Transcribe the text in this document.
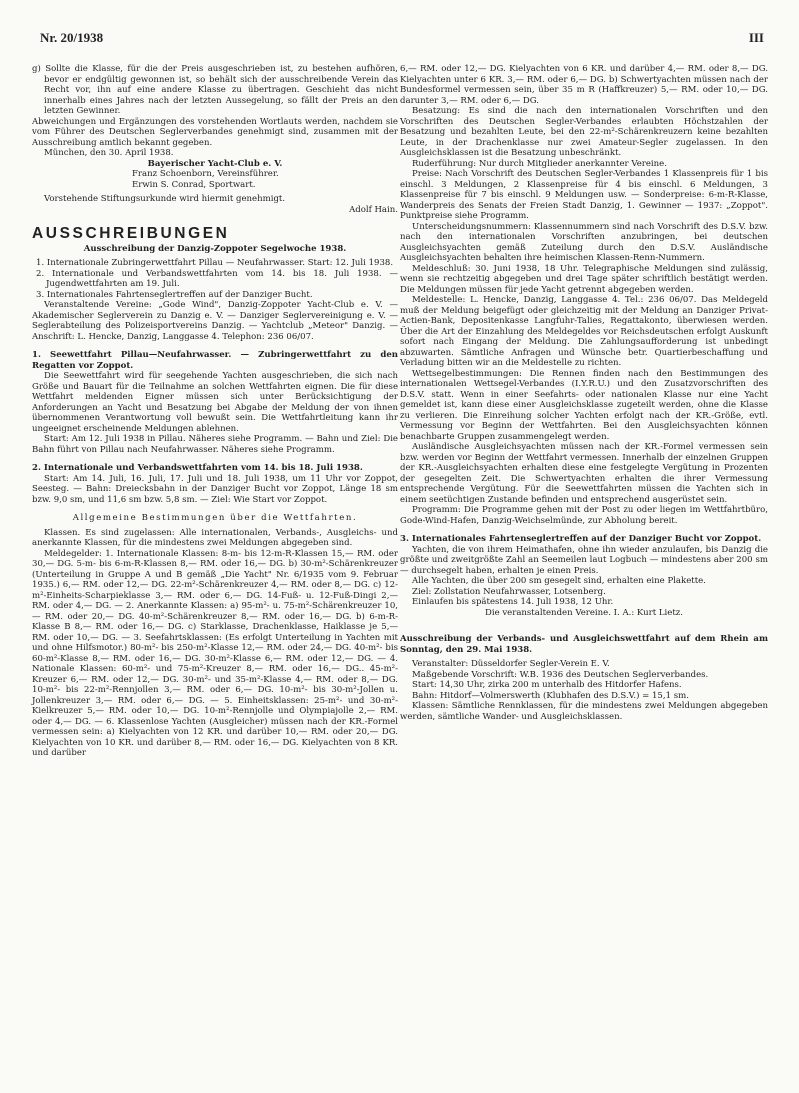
Nr. 20/1938	III

g) Sollte die Klasse, für die der Preis ausgeschrieben ist, zu bestehen aufhören, bevor er endgültig gewonnen ist, so behält sich der ausschreibende Verein das Recht vor, ihn auf eine andere Klasse zu übertragen. Geschieht das nicht innerhalb eines Jahres nach der letzten Aussegelung, so fällt der Preis an den letzten Gewinner.

Abweichungen und Ergänzungen des vorstehenden Wortlauts werden, nachdem sie vom Führer des Deutschen Seglerverbandes genehmigt sind, zusammen mit der Ausschreibung amtlich bekannt gegeben.

München, den 30. April 1938.

Bayerischer Yacht-Club e. V.

Franz Schoenborn, Vereinsführer.

Erwin S. Conrad, Sportwart.

Vorstehende Stiftungsurkunde wird hiermit genehmigt.

Adolf Hain.

AUSSCHREIBUNGEN

Ausschreibung der Danzig-Zoppoter Segelwoche 1938.

1. Internationale Zubringerwettfahrt Pillau — Neufahrwasser. Start: 12. Juli 1938.

2. Internationale und Verbandswettfahrten vom 14. bis 18. Juli 1938. — Jugendwettfahrten am 19. Juli.

3. Internationales Fahrtenseglertreffen auf der Danziger Bucht.

Veranstaltende Vereine: „Gode Wind", Danzig-Zoppoter Yacht-Club e. V. — Akademischer Seglerverein zu Danzig e. V. — Danziger Seglervereinigung e. V. — Seglerabteilung des Polizeisportvereins Danzig. — Yachtclub „Meteor" Danzig. — Anschrift: L. Hencke, Danzig, Langgasse 4. Telephon: 236 06/07.

1. Seewettfahrt Pillau—Neufahrwasser. — Zubringerwettfahrt zu den Regatten vor Zoppot.

Die Seewettfahrt wird für seegehende Yachten ausgeschrieben, die sich nach Größe und Bauart für die Teilnahme an solchen Wettfahrten eignen. Die für diese Wettfahrt meldenden Eigner müssen sich unter Berücksichtigung der Anforderungen an Yacht und Besatzung bei Abgabe der Meldung der von ihnen übernommenen Verantwortung voll bewußt sein. Die Wettfahrtleitung kann ihr ungeeignet erscheinende Meldungen ablehnen.

Start: Am 12. Juli 1938 in Pillau. Näheres siehe Programm. — Bahn und Ziel: Die Bahn führt von Pillau nach Neufahrwasser. Näheres siehe Programm.

2. Internationale und Verbandswettfahrten vom 14. bis 18. Juli 1938.

Start: Am 14. Juli, 16. Juli, 17. Juli und 18. Juli 1938, um 11 Uhr vor Zoppot, Seesteg. — Bahn: Dreiecksbahn in der Danziger Bucht vor Zoppot, Länge 18 sm bzw. 9,0 sm, und 11,6 sm bzw. 5,8 sm. — Ziel: Wie Start vor Zoppot.

Allgemeine Bestimmungen über die Wettfahrten.

Klassen. Es sind zugelassen: Alle internationalen, Verbands-, Ausgleichs- und anerkannte Klassen, für die mindestens zwei Meldungen abgegeben sind.

Meldegelder: 1. Internationale Klassen: 8-m- bis 12-m-R-Klassen 15,— RM. oder 30,— DG. 5-m- bis 6-m-R-Klassen 8,— RM. oder 16,— DG. b) 30-m²-Schärenkreuzer (Unterteilung in Gruppe A und B gemäß „Die Yacht" Nr. 6/1935 vom 9. Februar 1935.) 6,— RM. oder 12,— DG. 22-m²-Schärenkreuzer 4,— RM. oder 8,— DG. c) 12-m²-Einheits-Scharpieklasse 3,— RM. oder 6,— DG. 14-Fuß- u. 12-Fuß-Dingi 2,— RM. oder 4,— DG. — 2. Anerkannte Klassen: a) 95-m²- u. 75-m²-Schärenkreuzer 10,— RM. oder 20,— DG. 40-m²-Schärenkreuzer 8,— RM. oder 16,— DG. b) 6-m-R-Klasse B 8,— RM. oder 16,— DG. c) Starklasse, Drachenklasse, Haiklasse je 5,— RM. oder 10,— DG. — 3. Seefahrtsklassen: (Es erfolgt Unterteilung in Yachten mit und ohne Hilfsmotor.) 80-m²- bis 250-m²-Klasse 12,— RM. oder 24,— DG. 40-m²- bis 60-m²-Klasse 8,— RM. oder 16,— DG. 30-m²-Klasse 6,— RM. oder 12,— DG. — 4. Nationale Klassen: 60-m²- und 75-m²-Kreuzer 8,— RM. oder 16,— DG.. 45-m²-Kreuzer 6,— RM. oder 12,— DG. 30-m²- und 35-m²-Klasse 4,— RM. oder 8,— DG. 10-m²- bis 22-m²-Rennjollen 3,— RM. oder 6,— DG. 10-m²- bis 30-m²-Jollen u. Jollenkreuzer 3,— RM. oder 6,— DG. — 5. Einheitsklassen: 25-m²- und 30-m²-Kielkreuzer 5,— RM. oder 10,— DG. 10-m²-Rennjolle und Olympiajolle 2,— RM. oder 4,— DG. — 6. Klassenlose Yachten (Ausgleicher) müssen nach der KR.-Formel vermessen sein: a) Kielyachten von 12 KR. und darüber 10,— RM. oder 20,— DG. Kielyachten von 10 KR. und darüber 8,— RM. oder 16,— DG. Kielyachten von 8 KR. und darüber

6,— RM. oder 12,— DG. Kielyachten von 6 KR. und darüber 4,— RM. oder 8,— DG. Kielyachten unter 6 KR. 3,— RM. oder 6,— DG. b) Schwertyachten müssen nach der Bundesformel vermessen sein, über 35 m R (Haffkreuzer) 5,— RM. oder 10,— DG. darunter 3,— RM. oder 6,— DG.

Besatzung: Es sind die nach den internationalen Vorschriften und den Vorschriften des Deutschen Segler-Verbandes erlaubten Höchstzahlen der Besatzung und bezahlten Leute, bei den 22-m²-Schärenkreuzern keine bezahlten Leute, in der Drachenklasse nur zwei Amateur-Segler zugelassen. In den Ausgleichsklassen ist die Besatzung unbeschränkt.

Ruderführung: Nur durch Mitglieder anerkannter Vereine.

Preise: Nach Vorschrift des Deutschen Segler-Verbandes 1 Klassenpreis für 1 bis einschl. 3 Meldungen, 2 Klassenpreise für 4 bis einschl. 6 Meldungen, 3 Klassenpreise für 7 bis einschl. 9 Meldungen usw. — Sonderpreise: 6-m-R-Klasse, Wanderpreis des Senats der Freien Stadt Danzig, 1. Gewinner — 1937: „Zoppot". Punktpreise siehe Programm.

Unterscheidungsnummern: Klassennummern sind nach Vorschrift des D.S.V. bzw. nach den internationalen Vorschriften anzubringen, bei deutschen Ausgleichsyachten gemäß Zuteilung durch den D.S.V. Ausländische Ausgleichsyachten behalten ihre heimischen Klassen-Renn-Nummern.

Meldeschluß: 30. Juni 1938, 18 Uhr. Telegraphische Meldungen sind zulässig, wenn sie rechtzeitig abgegeben und drei Tage später schriftlich bestätigt werden. Die Meldungen müssen für jede Yacht getrennt abgegeben werden.

Meldestelle: L. Hencke, Danzig, Langgasse 4. Tel.: 236 06/07. Das Meldegeld muß der Meldung beigefügt oder gleichzeitig mit der Meldung an Danziger Privat-Actien-Bank, Depositenkasse Langfuhr-Talies, Regattakonto, überwiesen werden. Über die Art der Einzahlung des Meldegeldes vor Reichsdeutschen erfolgt Auskunft sofort nach Eingang der Meldung. Die Zahlungsaufforderung ist unbedingt abzuwarten. Sämtliche Anfragen und Wünsche betr. Quartierbeschaffung und Verladung bitten wir an die Meldestelle zu richten.

Wettsegelbestimmungen: Die Rennen finden nach den Bestimmungen des internationalen Wettsegel-Verbandes (I.Y.R.U.) und den Zusatzvorschriften des D.S.V. statt. Wenn in einer Seefahrts- oder nationalen Klasse nur eine Yacht gemeldet ist, kann diese einer Ausgleichsklasse zugeteilt werden, ohne die Klasse zu verlieren. Die Einreihung solcher Yachten erfolgt nach der KR.-Größe, evtl. Vermessung vor Beginn der Wettfahrten. Bei den Ausgleichsyachten können benachbarte Gruppen zusammengelegt werden.

Ausländische Ausgleichsyachten müssen nach der KR.-Formel vermessen sein bzw. werden vor Beginn der Wettfahrt vermessen. Innerhalb der einzelnen Gruppen der KR.-Ausgleichsyachten erhalten diese eine festgelegte Vergütung in Prozenten der gesegelten Zeit. Die Schwertyachten erhalten die ihrer Vermessung entsprechende Vergütung. Für die Seewettfahrten müssen die Yachten sich in einem seetüchtigen Zustande befinden und entsprechend ausgerüstet sein.

Programm: Die Programme gehen mit der Post zu oder liegen im Wettfahrtbüro, Gode-Wind-Hafen, Danzig-Weichselmünde, zur Abholung bereit.

3. Internationales Fahrtenseglertreffen auf der Danziger Bucht vor Zoppot.

Yachten, die von ihrem Heimathafen, ohne ihn wieder anzulaufen, bis Danzig die größte und zweitgrößte Zahl an Seemeilen laut Logbuch — mindestens aber 200 sm — durchsegelt haben, erhalten je einen Preis.

Alle Yachten, die über 200 sm gesegelt sind, erhalten eine Plakette.

Ziel: Zollstation Neufahrwasser, Lotsenberg.

Einlaufen bis spätestens 14. Juli 1938, 12 Uhr.

Die veranstaltenden Vereine. I. A.: Kurt Lietz.

Ausschreibung der Verbands- und Ausgleichswettfahrt auf dem Rhein am Sonntag, den 29. Mai 1938.

Veranstalter: Düsseldorfer Segler-Verein E. V.

Maßgebende Vorschrift: W.B. 1936 des Deutschen Seglerverbandes.

Start: 14,30 Uhr, zirka 200 m unterhalb des Hitdorfer Hafens.

Bahn: Hitdorf—Volmerswerth (Klubhafen des D.S.V.) = 15,1 sm.

Klassen: Sämtliche Rennklassen, für die mindestens zwei Meldungen abgegeben werden, sämtliche Wander- und Ausgleichsklassen.
